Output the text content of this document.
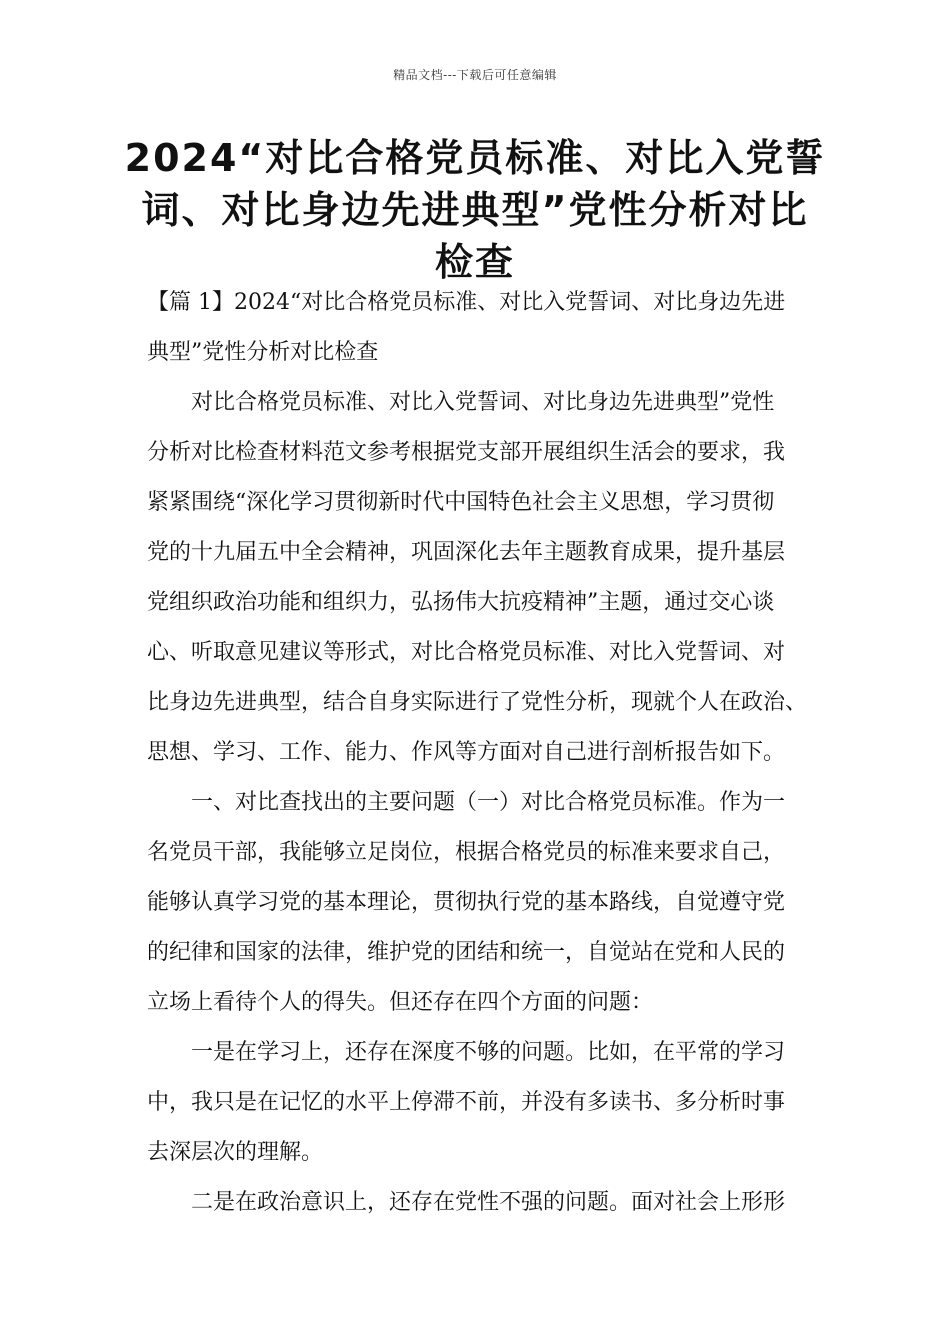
精品文档---下载后可任意编辑
2024“对比合格党员标准、对比入党誓
词、对比身边先进典型”党性分析对比
检查
【篇 1】2024“对比合格党员标准、对比入党誓词、对比身边先进
典型”党性分析对比检查
对比合格党员标准、对比入党誓词、对比身边先进典型”党性
分析对比检查材料范文参考根据党支部开展组织生活会的要求，我
紧紧围绕“深化学习贯彻新时代中国特色社会主义思想，学习贯彻
党的十九届五中全会精神，巩固深化去年主题教育成果，提升基层
党组织政治功能和组织力，弘扬伟大抗疫精神”主题，通过交心谈
心、听取意见建议等形式，对比合格党员标准、对比入党誓词、对
比身边先进典型，结合自身实际进行了党性分析，现就个人在政治、
思想、学习、工作、能力、作风等方面对自己进行剖析报告如下。
一、对比查找出的主要问题（一）对比合格党员标准。作为一
名党员干部，我能够立足岗位，根据合格党员的标准来要求自己，
能够认真学习党的基本理论，贯彻执行党的基本路线，自觉遵守党
的纪律和国家的法律，维护党的团结和统一，自觉站在党和人民的
立场上看待个人的得失。但还存在四个方面的问题：
一是在学习上，还存在深度不够的问题。比如，在平常的学习
中，我只是在记忆的水平上停滞不前，并没有多读书、多分析时事
去深层次的理解。
二是在政治意识上，还存在党性不强的问题。面对社会上形形
